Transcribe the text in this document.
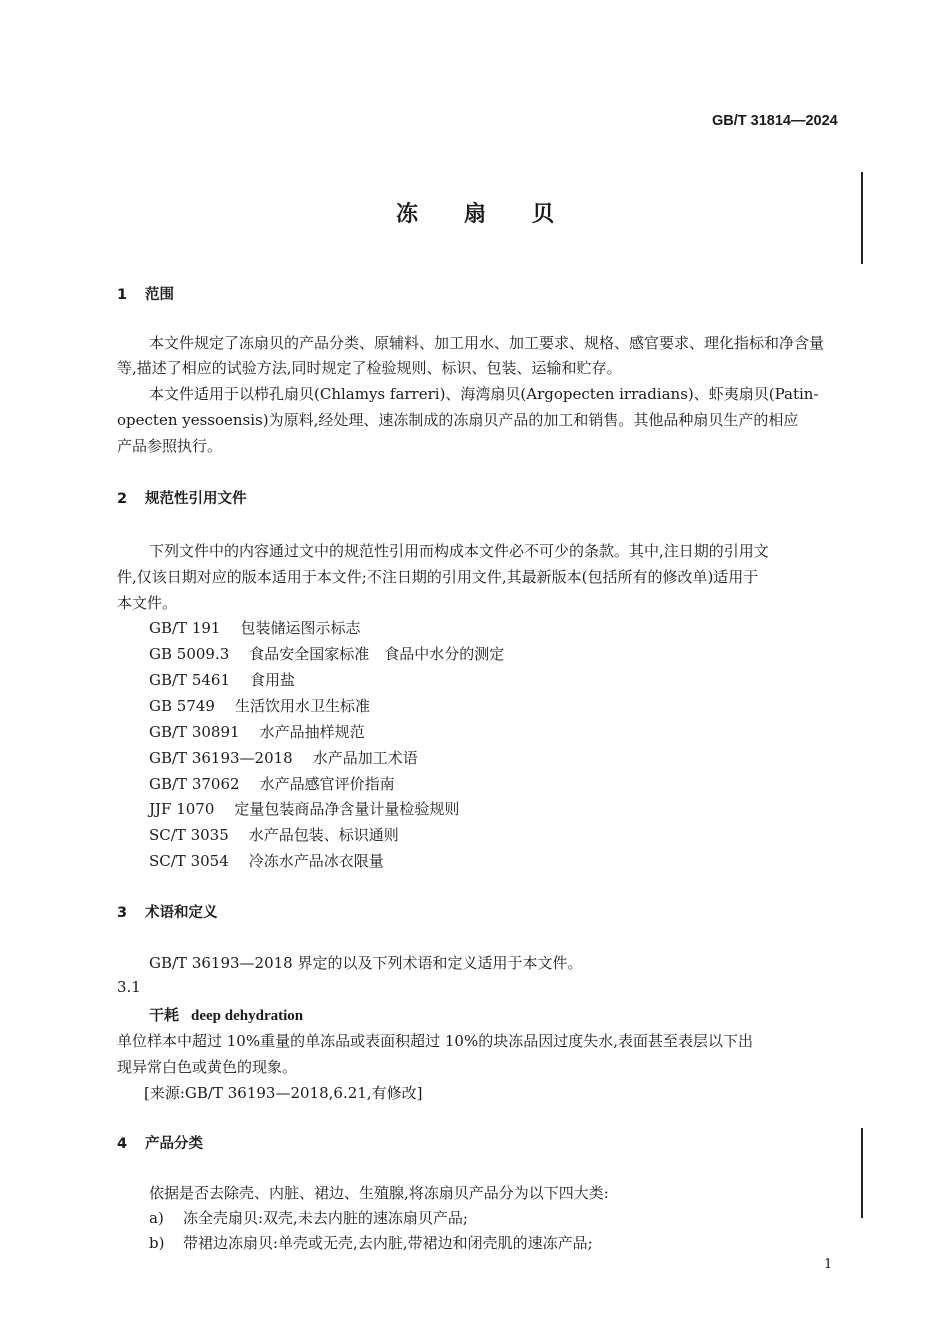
GB/T 31814—2024
冻扇贝
1 范围
本文件规定了冻扇贝的产品分类、原辅料、加工用水、加工要求、规格、感官要求、理化指标和净含量
等,描述了相应的试验方法,同时规定了检验规则、标识、包装、运输和贮存。
本文件适用于以栉孔扇贝(Chlamys farreri)、海湾扇贝(Argopecten irradians)、虾夷扇贝(Patin-
opecten yessoensis)为原料,经处理、速冻制成的冻扇贝产品的加工和销售。其他品种扇贝生产的相应
产品参照执行。
2 规范性引用文件
下列文件中的内容通过文中的规范性引用而构成本文件必不可少的条款。其中,注日期的引用文
件,仅该日期对应的版本适用于本文件;不注日期的引用文件,其最新版本(包括所有的修改单)适用于
本文件。
GB/T 191 包装储运图示标志
GB 5009.3 食品安全国家标准　食品中水分的测定
GB/T 5461 食用盐
GB 5749 生活饮用水卫生标准
GB/T 30891 水产品抽样规范
GB/T 36193—2018 水产品加工术语
GB/T 37062 水产品感官评价指南
JJF 1070 定量包装商品净含量计量检验规则
SC/T 3035 水产品包装、标识通则
SC/T 3054 冷冻水产品冰衣限量
3 术语和定义
GB/T 36193—2018 界定的以及下列术语和定义适用于本文件。
3.1
干耗 deep dehydration
单位样本中超过 10%重量的单冻品或表面积超过 10%的块冻品因过度失水,表面甚至表层以下出
现异常白色或黄色的现象。
[来源:GB/T 36193—2018,6.21,有修改]
4 产品分类
依据是否去除壳、内脏、裙边、生殖腺,将冻扇贝产品分为以下四大类:
a) 冻全壳扇贝:双壳,未去内脏的速冻扇贝产品;
b) 带裙边冻扇贝:单壳或无壳,去内脏,带裙边和闭壳肌的速冻产品;
1
